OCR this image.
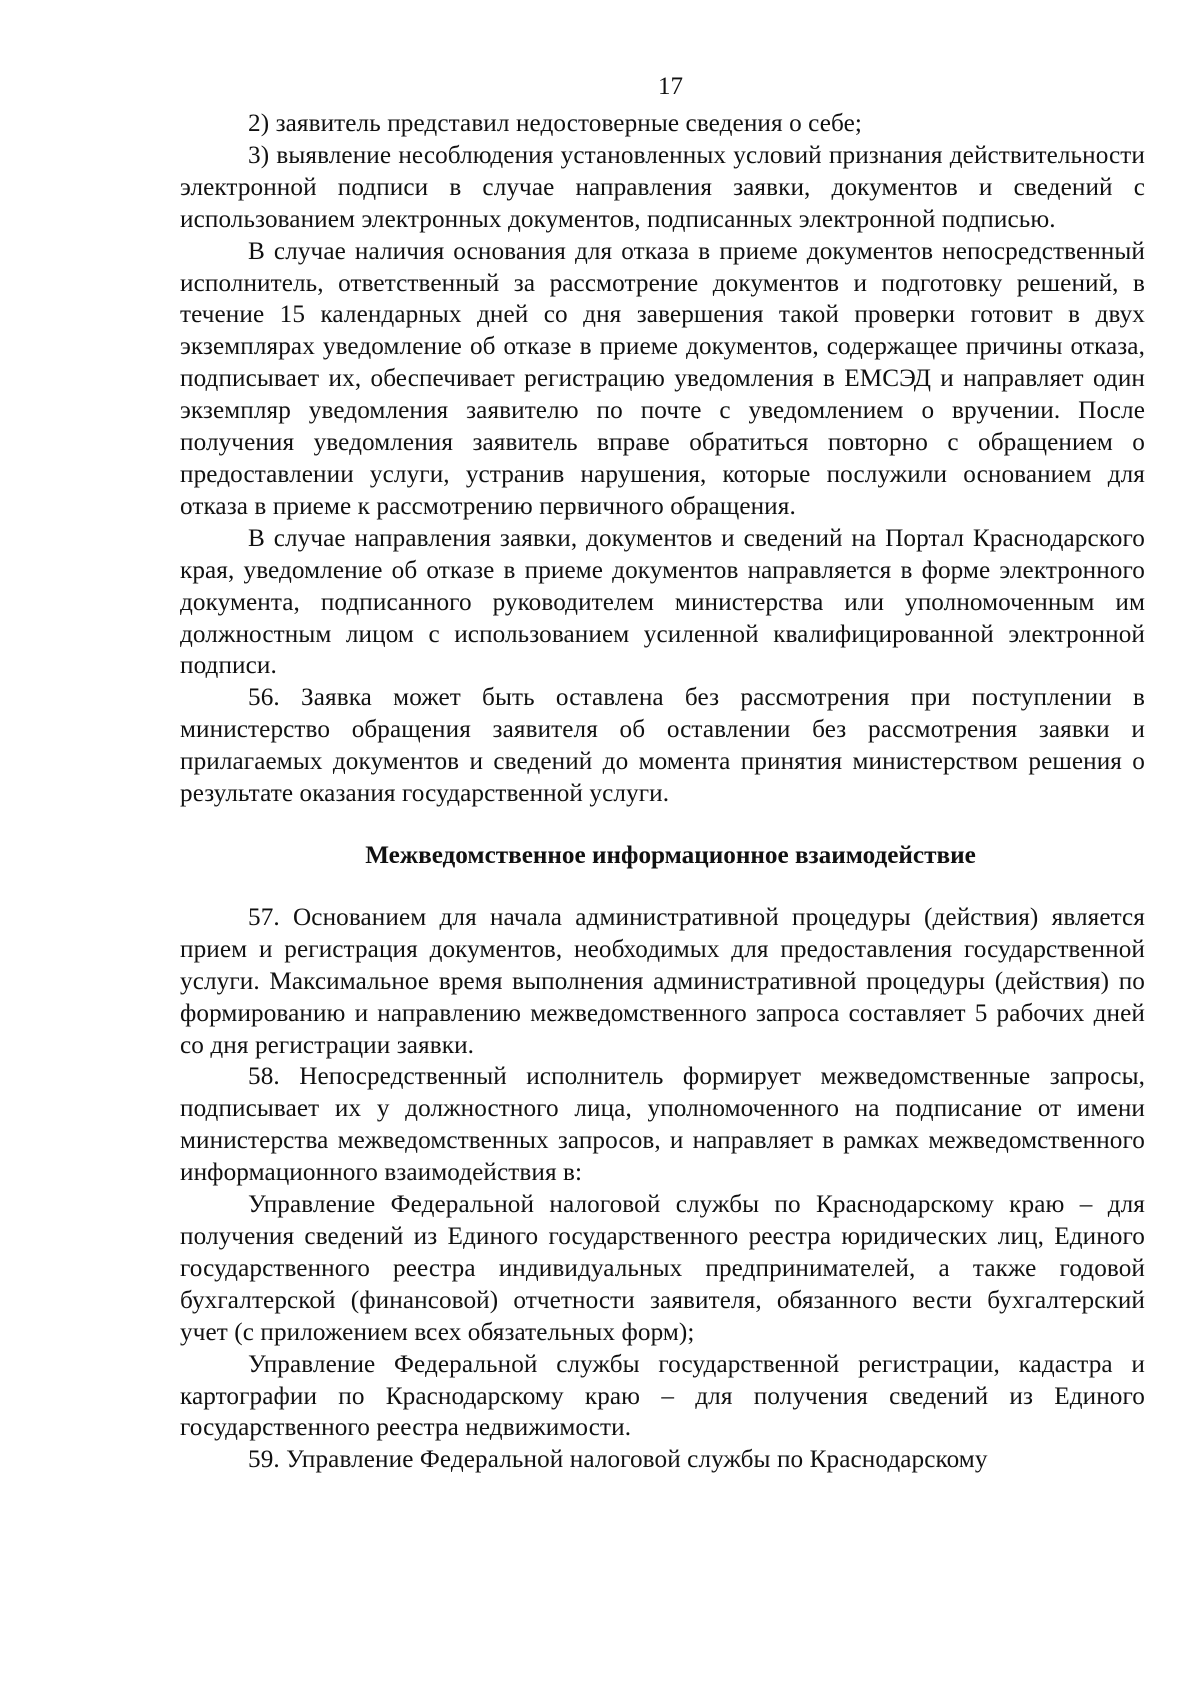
17

2) заявитель представил недостоверные сведения о себе;

3) выявление несоблюдения установленных условий признания действительности электронной подписи в случае направления заявки, документов и сведений с использованием электронных документов, подписанных электронной подписью.

В случае наличия основания для отказа в приеме документов непосредственный исполнитель, ответственный за рассмотрение документов и подготовку решений, в течение 15 календарных дней со дня завершения такой проверки готовит в двух экземплярах уведомление об отказе в приеме документов, содержащее причины отказа, подписывает их, обеспечивает регистрацию уведомления в ЕМСЭД и направляет один экземпляр уведомления заявителю по почте с уведомлением о вручении. После получения уведомления заявитель вправе обратиться повторно с обращением о предоставлении услуги, устранив нарушения, которые послужили основанием для отказа в приеме к рассмотрению первичного обращения.

В случае направления заявки, документов и сведений на Портал Краснодарского края, уведомление об отказе в приеме документов направляется в форме электронного документа, подписанного руководителем министерства или уполномоченным им должностным лицом с использованием усиленной квалифицированной электронной подписи.

56. Заявка может быть оставлена без рассмотрения при поступлении в министерство обращения заявителя об оставлении без рассмотрения заявки и прилагаемых документов и сведений до момента принятия министерством решения о результате оказания государственной услуги.

Межведомственное информационное взаимодействие

57. Основанием для начала административной процедуры (действия) является прием и регистрация документов, необходимых для предоставления государственной услуги. Максимальное время выполнения административной процедуры (действия) по формированию и направлению межведомственного запроса составляет 5 рабочих дней со дня регистрации заявки.

58. Непосредственный исполнитель формирует межведомственные запросы, подписывает их у должностного лица, уполномоченного на подписание от имени министерства межведомственных запросов, и направляет в рамках межведомственного информационного взаимодействия в:

Управление Федеральной налоговой службы по Краснодарскому краю – для получения сведений из Единого государственного реестра юридических лиц, Единого государственного реестра индивидуальных предпринимателей, а также годовой бухгалтерской (финансовой) отчетности заявителя, обязанного вести бухгалтерский учет (с приложением всех обязательных форм);

Управление Федеральной службы государственной регистрации, кадастра и картографии по Краснодарскому краю – для получения сведений из Единого государственного реестра недвижимости.

59. Управление Федеральной налоговой службы по Краснодарскому
